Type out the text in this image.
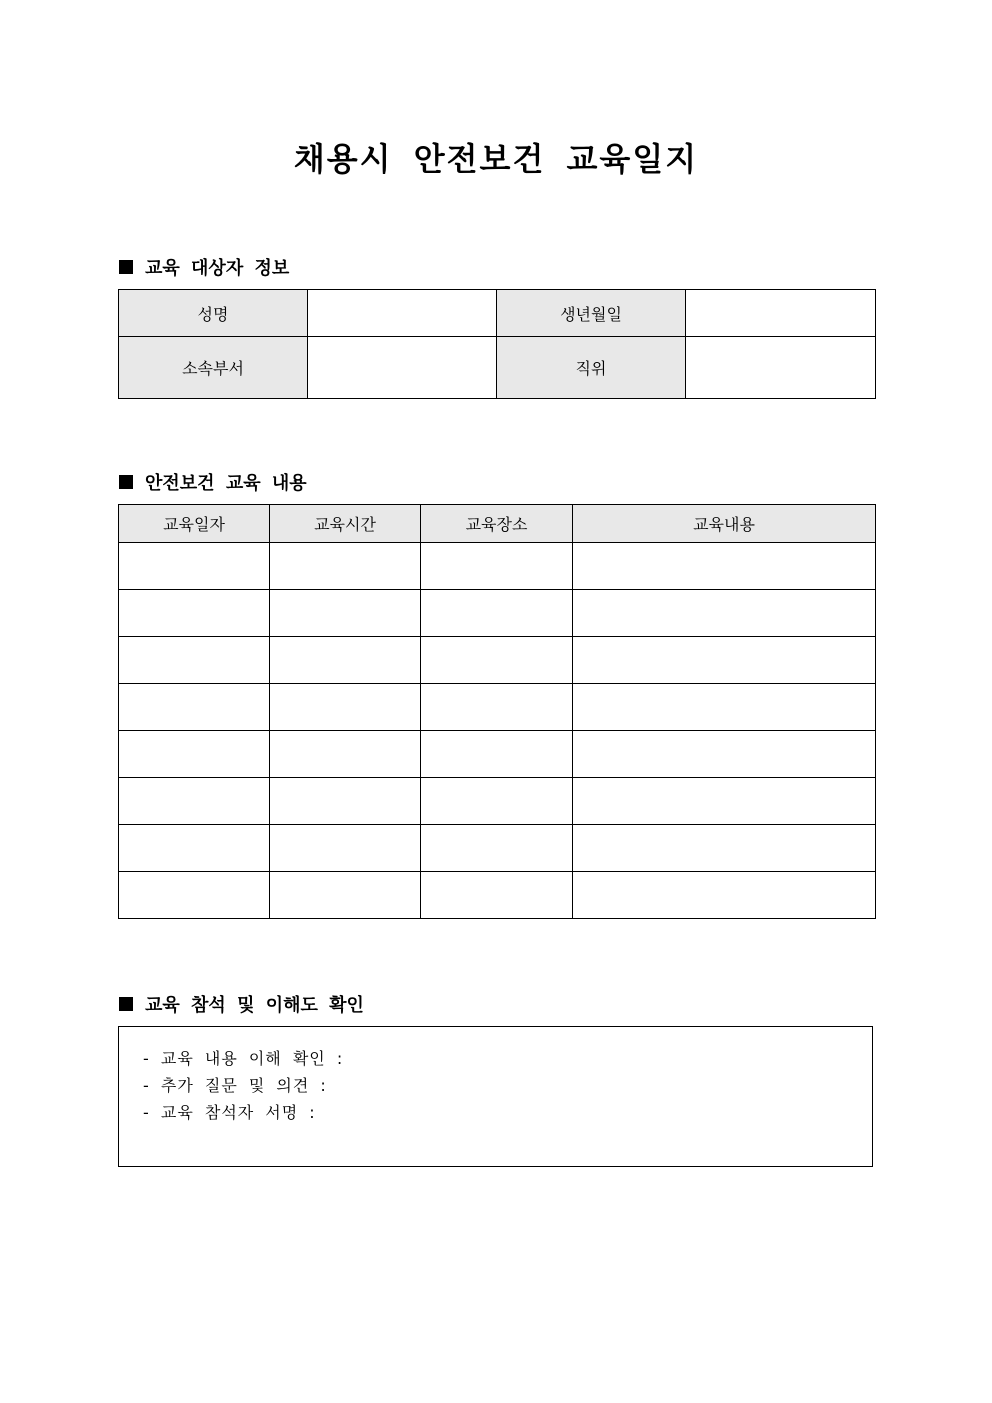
채용시 안전보건 교육일지
교육 대상자 정보
성명		생년월일	
소속부서		직위	
안전보건 교육 내용
교육일자	교육시간	교육장소	교육내용

교육 참석 및 이해도 확인
- 교육 내용 이해 확인 :
- 추가 질문 및 의견 :
- 교육 참석자 서명 :
